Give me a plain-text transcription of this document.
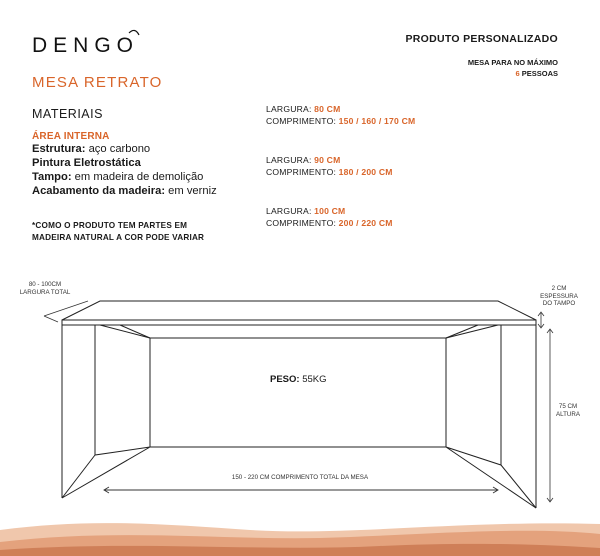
DENGO
MESA RETRATO
PRODUTO PERSONALIZADO
MESA PARA NO MÁXIMO
6 PESSOAS
MATERIAIS
ÁREA INTERNA
Estrutura: aço carbono
Pintura Eletrostática
Tampo: em madeira de demolição
Acabamento da madeira: em verniz
*COMO O PRODUTO TEM PARTES EM
MADEIRA NATURAL A COR PODE VARIAR
LARGURA: 80 CM
COMPRIMENTO: 150 / 160 / 170 CM
LARGURA: 90 CM
COMPRIMENTO: 180 / 200 CM
LARGURA: 100 CM
COMPRIMENTO: 200 / 220 CM
80 - 100CM
LARGURA TOTAL	2 CM
ESPESSURA
DO TAMPO
75 CM
ALTURA
150 - 220 CM COMPRIMENTO TOTAL DA MESA
PESO: 55KG
